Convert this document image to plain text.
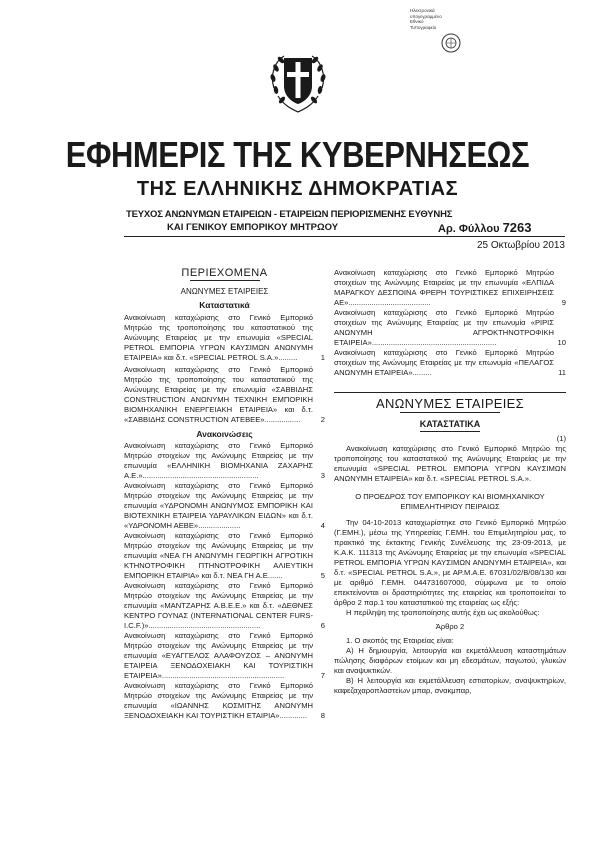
Ηλεκτρονικά
υπογεγραμμένο
Εθνικό
Τυπογραφείο
ΕΦΗΜΕΡΙΣ ΤΗΣ ΚΥΒΕΡΝΗΣΕΩΣ
ΤΗΣ ΕΛΛΗΝΙΚΗΣ ΔΗΜΟΚΡΑΤΙΑΣ
ΤΕΥΧΟΣ ΑΝΩΝΥΜΩΝ ΕΤΑΙΡΕΙΩΝ - ΕΤΑΙΡΕΙΩΝ ΠΕΡΙΟΡΙΣΜΕΝΗΣ ΕΥΘΥΝΗΣ
ΚΑΙ ΓΕΝΙΚΟΥ ΕΜΠΟΡΙΚΟΥ ΜΗΤΡΩΟΥ	Αρ. Φύλλου 7263
25 Οκτωβρίου 2013
ΠΕΡΙΕΧΟΜΕΝΑ
ΑΝΩΝΥΜΕΣ ΕΤΑΙΡΕΙΕΣ
Καταστατικά
Ανακοίνωση καταχώρισης στο Γενικό Εμπορικό Μητρώο της τροποποίησης του καταστατικού της Ανώνυμης Εταιρείας με την επωνυμία «SPECIAL PETROL ΕΜΠΟΡΙΑ ΥΓΡΩΝ ΚΑΥΣΙΜΩΝ ΑΝΩΝΥΜΗ ΕΤΑΙΡΕΙΑ» και δ.τ. «SPECIAL PETROL S.A.».........	1
Ανακοίνωση καταχώρισης στο Γενικό Εμπορικό Μητρώο της τροποποίησης του καταστατικού της Ανώνυμης Εταιρείας με την επωνυμία «ΣΑΒΒΙΔΗΣ CONSTRUCTION ΑΝΩΝΥΜΗ ΤΕΧΝΙΚΗ ΕΜΠΟΡΙΚΗ ΒΙΟΜΗΧΑΝΙΚΗ ΕΝΕΡΓΕΙΑΚΗ ΕΤΑΙΡΕΙΑ» και δ.τ. «ΣΑΒΒΙΔΗΣ CONSTRUCTION ΑΤΕΒΕΕ».................	2
Ανακοινώσεις
Ανακοίνωση καταχώρισης στο Γενικό Εμπορικό Μητρώο στοιχείων της Ανώνυμης Εταιρείας με την επωνυμία «ΕΛΛΗΝΙΚΗ ΒΙΟΜΗΧΑΝΙΑ ΖΑΧΑΡΗΣ Α.Ε.».......................................................	3
Ανακοίνωση καταχώρισης στο Γενικό Εμπορικό Μητρώο στοιχείων της Ανώνυμης Εταιρείας με την επωνυμία «ΥΔΡΟΝΟΜΗ ΑΝΩΝΥΜΟΣ ΕΜΠΟΡΙΚΗ ΚΑΙ ΒΙΟΤΕΧΝΙΚΗ ΕΤΑΙΡΕΙΑ ΥΔΡΑΥΛΙΚΩΝ ΕΙΔΩΝ» και δ.τ. «ΥΔΡΟΝΟΜΗ ΑΕΒΕ»....................	4
Ανακοίνωση καταχώρισης στο Γενικό Εμπορικό Μητρώο στοιχείων της Ανώνυμης Εταιρείας με την επωνυμία «ΝΕΑ ΓΗ ΑΝΩΝΥΜΗ ΓΕΩΡΓΙΚΗ ΑΓΡΟΤΙΚΗ ΚΤΗΝΟΤΡΟΦΙΚΗ ΠΤΗΝΟΤΡΟΦΙΚΗ ΑΛΙΕΥΤΙΚΗ ΕΜΠΟΡΙΚΗ ΕΤΑΙΡΙΑ» και δ.τ. ΝΕΑ ΓΗ Α.Ε.......	5
Ανακοίνωση καταχώρισης στο Γενικό Εμπορικό Μητρώο στοιχείων της Ανώνυμης Εταιρείας με την επωνυμία «ΜΑΝΤΖΑΡΗΣ Α.Β.Ε.Ε.» και δ.τ. «ΔΕΘΝΕΣ ΚΕΝΤΡΟ ΓΟΥΝΑΣ (INTERNATIONAL CENTER FURS-I.C.F.)».....................................................	6
Ανακοίνωση καταχώρισης στο Γενικό Εμπορικό Μητρώο στοιχείων της Ανώνυμης Εταιρείας με την επωνυμία «ΕΥΑΓΓΕΛΟΣ ΑΛΑΦΟΥΖΟΣ – ΑΝΩΝΥΜΗ ΕΤΑΙΡΕΙΑ ΞΕΝΟΔΟΧΕΙΑΚΗ ΚΑΙ ΤΟΥΡΙΣΤΙΚΗ ΕΤΑΙΡΕΙΑ»..........................................................	7
Ανακοίνωση καταχώρισης στο Γενικό Εμπορικό Μητρώο στοιχείων της Ανώνυμης Εταιρείας με την επωνυμία «ΙΩΑΝΝΗΣ ΚΟΣΜΙΤΗΣ ΑΝΩΝΥΜΗ ΞΕΝΟΔΟΧΕΙΑΚΗ ΚΑΙ ΤΟΥΡΙΣΤΙΚΗ ΕΤΑΙΡΙΑ»............. 8
Ανακοίνωση καταχώρισης στο Γενικό Εμπορικό Μητρώο στοιχείων της Ανώνυμης Εταιρείας με την επωνυμία «ΕΛΠΙΔΑ ΜΑΡΑΓΚΟΥ ΔΕΣΠΟΙΝΑ ΦΡΕΡΗ ΤΟΥΡΙΣΤΙΚΕΣ ΕΠΙΧΕΙΡΗΣΕΙΣ ΑΕ».......................................	9
Ανακοίνωση καταχώρισης στο Γενικό Εμπορικό Μητρώο στοιχείων της Ανώνυμης Εταιρείας με την επωνυμία «ΡΙΡΙΣ ΑΝΩΝΥΜΗ ΑΓΡΟΚΤΗΝΟΤΡΟΦΙΚΗ ΕΤΑΙΡΕΙΑ»...........................................................	10
Ανακοίνωση καταχώρισης στο Γενικό Εμπορικό Μητρώο στοιχείων της Ανώνυμης Εταιρείας με την επωνυμία «ΠΕΛΑΓΟΣ ΑΝΩΝΥΜΗ ΕΤΑΙΡΕΙΑ».........	11
ΑΝΩΝΥΜΕΣ ΕΤΑΙΡΕΙΕΣ
ΚΑΤΑΣΤΑΤΙΚΑ
(1)

Ανακοίνωση καταχώρισης στο Γενικό Εμπορικό Μητρώο της τροποποίησης του καταστατικού της Ανώνυμης Εταιρείας με την επωνυμία «SPECIAL PETROL ΕΜΠΟΡΙΑ ΥΓΡΩΝ ΚΑΥΣΙΜΩΝ ΑΝΩΝΥΜΗ ΕΤΑΙΡΕΙΑ» και δ.τ. «SPECIAL PETROL S.A.».

Ο ΠΡΟΕΔΡΟΣ ΤΟΥ ΕΜΠΟΡΙΚΟΥ ΚΑΙ ΒΙΟΜΗΧΑΝΙΚΟΥ ΕΠΙΜΕΛΗΤΗΡΙΟΥ ΠΕΙΡΑΙΩΣ

Την 04-10-2013 καταχωρίστηκε στο Γενικό Εμπορικό Μητρώο (Γ.ΕΜΗ.), μέσω της Υπηρεσίας Γ.ΕΜΗ. του Επιμελητηρίου μας, το πρακτικό της έκτακτης Γενικής Συνέλευσης της 23-09-2013, με Κ.Α.Κ. 111313 της Ανώνυμης Εταιρείας με την επωνυμία «SPECIAL PETROL ΕΜΠΟΡΙΑ ΥΓΡΩΝ ΚΑΥΣΙΜΩΝ ΑΝΩΝΥΜΗ ΕΤΑΙΡΕΙΑ», και δ.τ. «SPECIAL PETROL S.A.», με ΑΡ.Μ.Α.Ε. 67031/02/Β/08/130 και με αριθμό Γ.ΕΜΗ. 044731607000, σύμφωνα με το οποίο επεκτείνονται οι δραστηριότητες της εταιρείας και τροποποιείται το άρθρο 2 παρ.1 του καταστατικού της εταιρείας ως εξής:

Η περίληψη της τροποποίησης αυτής έχει ως ακολούθως:

Άρθρο 2

1. Ο σκοπός της Εταιρείας είναι:

Α) Η δημιουργία, λειτουργία και εκμετάλλευση καταστημάτων πώλησης διαφόρων ετοίμων και μη εδεσμάτων, παγωτού, γλυκών και αναψυκτικών.

Β) Η λειτουργία και εκμετάλλευση εστιατορίων, αναψυκτηρίων, καφεζαχαροπλαστείων μπαρ, σνακμπαρ,
